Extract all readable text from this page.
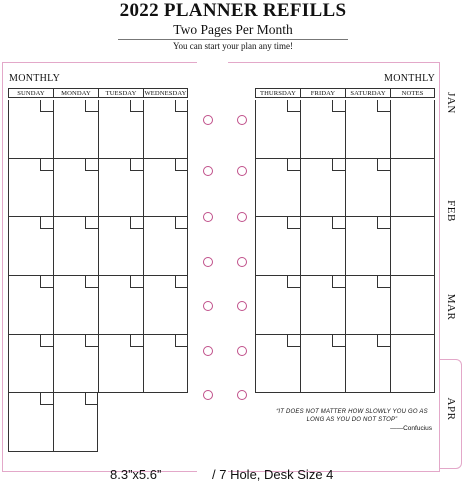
2022 PLANNER REFILLS
Two Pages Per Month
You can start your plan any time!
MONTHLY	MONTHLY
SUNDAY	MONDAY	TUESDAY	WEDNESDAY	THURSDAY	FRIDAY	SATURDAY	NOTES	JAN
FEB
MAR
APR
“IT DOES NOT MATTER HOW SLOWLY YOU GO AS LONG AS YOU DO NOT STOP”
——Confucius
8.3”x5.6”	/ 7 Hole, Desk Size 4
